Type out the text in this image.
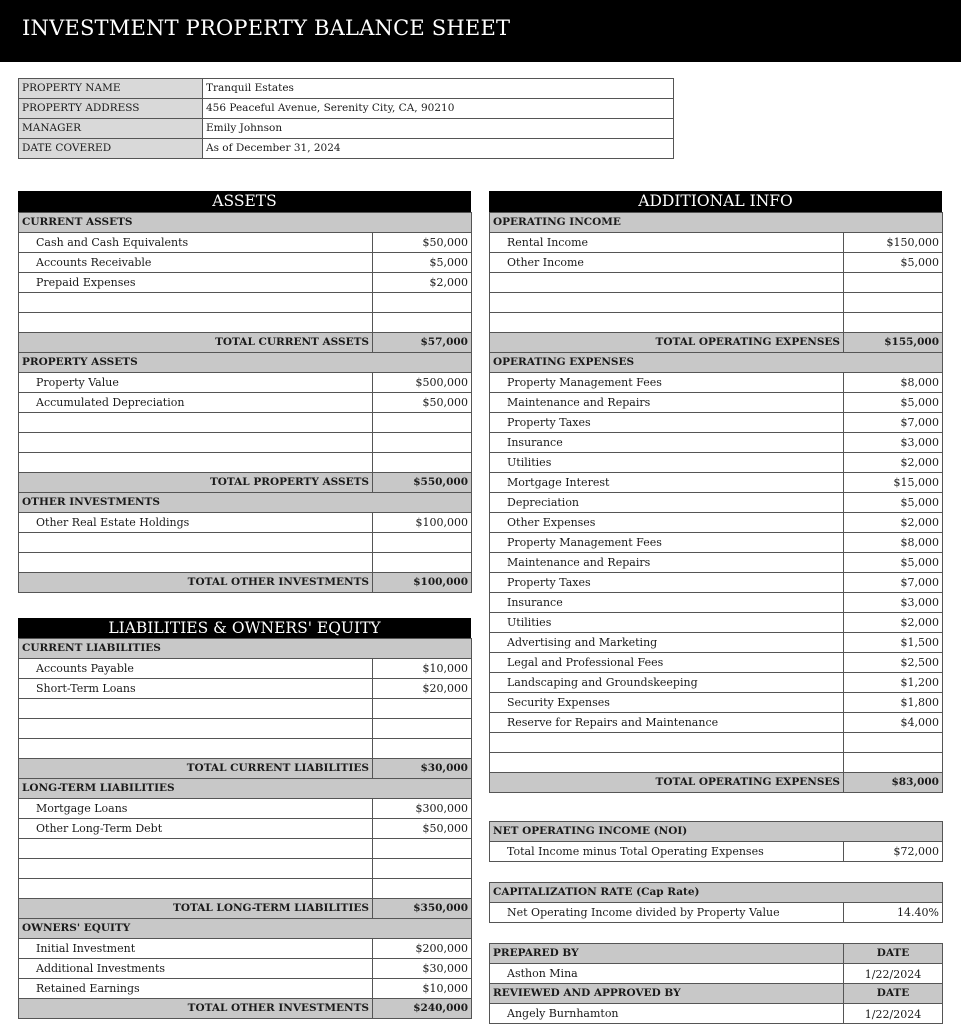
INVESTMENT PROPERTY BALANCE SHEET
PROPERTY NAME	Tranquil Estates
PROPERTY ADDRESS	456 Peaceful Avenue, Serenity City, CA, 90210
MANAGER	Emily Johnson
DATE COVERED	As of December 31, 2024
ASSETS
CURRENT ASSETS	
Cash and Cash Equivalents	$50,000
Accounts Receivable	$5,000
Prepaid Expenses	$2,000

TOTAL CURRENT ASSETS	$57,000
PROPERTY ASSETS	
Property Value	$500,000
Accumulated Depreciation	$50,000

TOTAL PROPERTY ASSETS	$550,000
OTHER INVESTMENTS	
Other Real Estate Holdings	$100,000

TOTAL OTHER INVESTMENTS	$100,000
LIABILITIES & OWNERS' EQUITY
CURRENT LIABILITIES	
Accounts Payable	$10,000
Short-Term Loans	$20,000

TOTAL CURRENT LIABILITIES	$30,000
LONG-TERM LIABILITIES	
Mortgage Loans	$300,000
Other Long-Term Debt	$50,000

TOTAL LONG-TERM LIABILITIES	$350,000
OWNERS' EQUITY	
Initial Investment	$200,000
Additional Investments	$30,000
Retained Earnings	$10,000
TOTAL OTHER INVESTMENTS	$240,000
ADDITIONAL INFO
OPERATING INCOME	
Rental Income	$150,000
Other Income	$5,000

TOTAL OPERATING EXPENSES	$155,000
OPERATING EXPENSES	
Property Management Fees	$8,000
Maintenance and Repairs	$5,000
Property Taxes	$7,000
Insurance	$3,000
Utilities	$2,000
Mortgage Interest	$15,000
Depreciation	$5,000
Other Expenses	$2,000
Property Management Fees	$8,000
Maintenance and Repairs	$5,000
Property Taxes	$7,000
Insurance	$3,000
Utilities	$2,000
Advertising and Marketing	$1,500
Legal and Professional Fees	$2,500
Landscaping and Groundskeeping	$1,200
Security Expenses	$1,800
Reserve for Repairs and Maintenance	$4,000

TOTAL OPERATING EXPENSES	$83,000
NET OPERATING INCOME (NOI)
Total Income minus Total Operating Expenses	$72,000
CAPITALIZATION RATE (Cap Rate)
Net Operating Income divided by Property Value	14.40%
PREPARED BY	DATE
Asthon Mina	1/22/2024
REVIEWED AND APPROVED BY	DATE
Angely Burnhamton	1/22/2024
